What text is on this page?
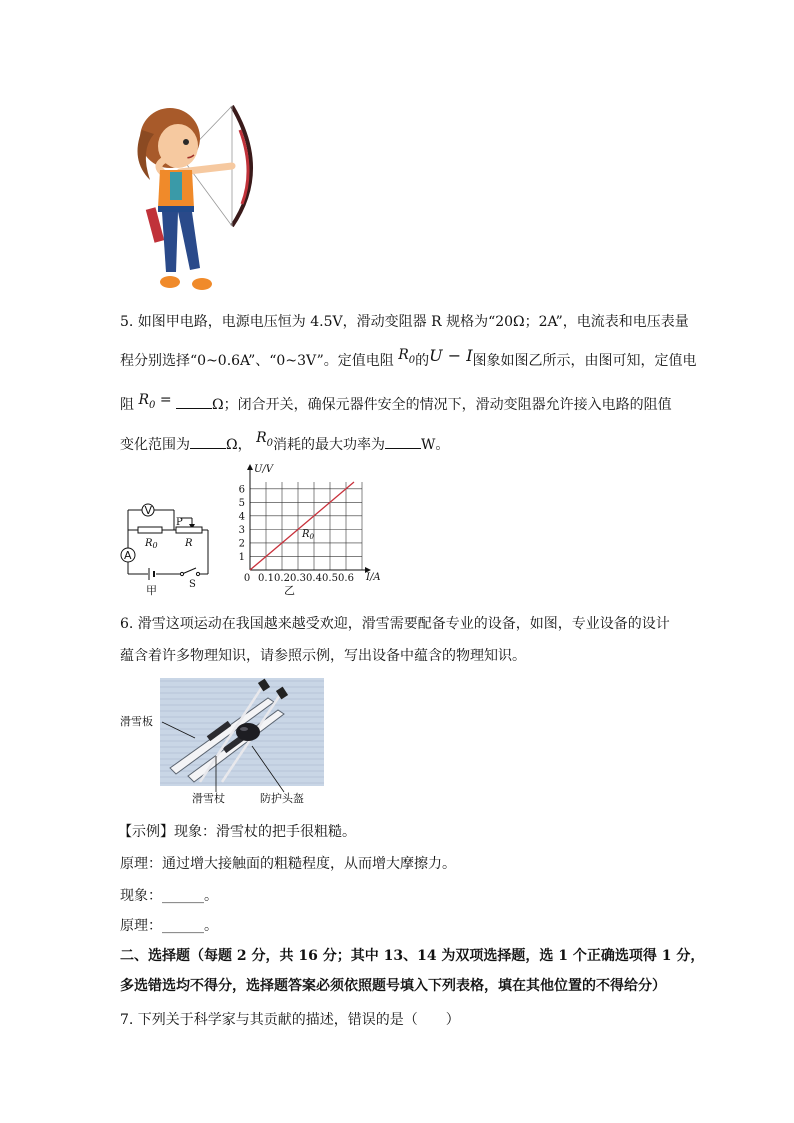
5. 如图甲电路，电源电压恒为 4.5V，滑动变阻器 R 规格为“20Ω；2A”，电流表和电压表量
程分别选择“0~0.6A”、“0~3V”。定值电阻 $R_0$的U − I图象如图乙所示，由图可知，定值电
阻 $R_0$ =	Ω；闭合开关，确保元器件安全的情况下，滑动变阻器允许接入电路的阻值
变化范围为	Ω， $R_0$消耗的最大功率为	W。
V
A
$R_0$	R
P
S
甲
0 0.1 0.2 0.3 0.4 0.5 0.6
1
2
3
4
5
6
U/V
I/A
$R_0$
乙
6. 滑雪这项运动在我国越来越受欢迎，滑雪需要配备专业的设备，如图，专业设备的设计
蕴含着许多物理知识，请参照示例，写出设备中蕴含的物理知识。
滑雪板
滑雪杖	防护头盔
【示例】现象：滑雪杖的把手很粗糙。
原理：通过增大接触面的粗糙程度，从而增大摩擦力。
现象：______。
原理：______。
二、选择题（每题 2 分，共 16 分；其中 13、14 为双项选择题，选 1 个正确选项得 1 分，
多选错选均不得分，选择题答案必须依照题号填入下列表格，填在其他位置的不得给分）
7. 下列关于科学家与其贡献的描述，错误的是（　　）
